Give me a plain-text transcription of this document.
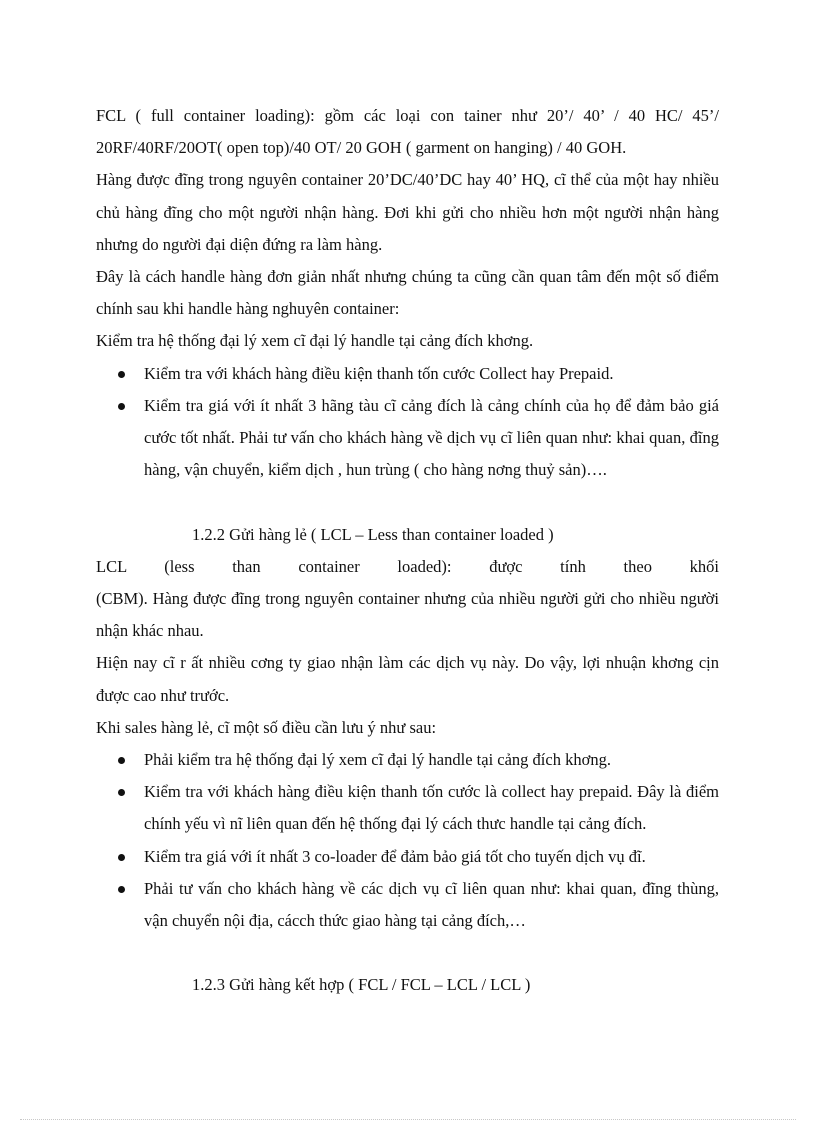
FCL ( full container loading): gồm các loại con tainer như 20’/ 40’ / 40 HC/ 45’/ 20RF/40RF/20OT( open top)/40 OT/ 20 GOH ( garment on hanging) / 40 GOH.

Hàng được đĩng trong nguyên container 20’DC/40’DC hay 40’ HQ, cĩ thể của một hay nhiều chủ hàng đĩng cho một người nhận hàng. Đơi khi gửi cho nhiều hơn một người nhận hàng nhưng do người đại diện đứng ra làm hàng.

Đây là cách handle hàng đơn giản nhất nhưng chúng ta cũng cần quan tâm đến một số điểm chính sau khi handle hàng nghuyên container:

Kiểm tra hệ thống đại lý xem cĩ đại lý handle tại cảng đích khơng.

Kiểm tra với khách hàng điều kiện thanh tốn cước Collect hay Prepaid.
Kiểm tra giá với ít nhất 3 hãng tàu cĩ cảng đích là cảng chính của họ để đảm bảo giá cước tốt nhất. Phải tư vấn cho khách hàng về dịch vụ cĩ liên quan như: khai quan, đĩng hàng, vận chuyển, kiểm dịch , hun trùng ( cho hàng nơng thuỷ sản)….

1.2.2 Gửi hàng lẻ ( LCL – Less than container loaded )

LCL (less than container loaded): được tính theo khối

(CBM). Hàng được đĩng trong nguyên container nhưng của nhiều người gửi cho nhiều người nhận khác nhau.

Hiện nay cĩ r ất nhiều cơng ty giao nhận làm các dịch vụ này. Do vậy, lợi nhuận khơng cịn được cao như trước.

Khi sales hàng lẻ, cĩ một số điều cần lưu ý như sau:

Phải kiểm tra hệ thống đại lý xem cĩ đại lý handle tại cảng đích khơng.
Kiểm tra với khách hàng điều kiện thanh tốn cước là collect hay prepaid. Đây là điểm chính yếu vì nĩ liên quan đến hệ thống đại lý cách thưc handle tại cảng đích.
Kiểm tra giá với ít nhất 3 co-loader để đảm bảo giá tốt cho tuyến dịch vụ đĩ.
Phải tư vấn cho khách hàng về các dịch vụ cĩ liên quan như: khai quan, đĩng thùng, vận chuyển nội địa, cácch thức giao hàng tại cảng đích,…

1.2.3 Gửi hàng kết hợp ( FCL / FCL – LCL / LCL )
